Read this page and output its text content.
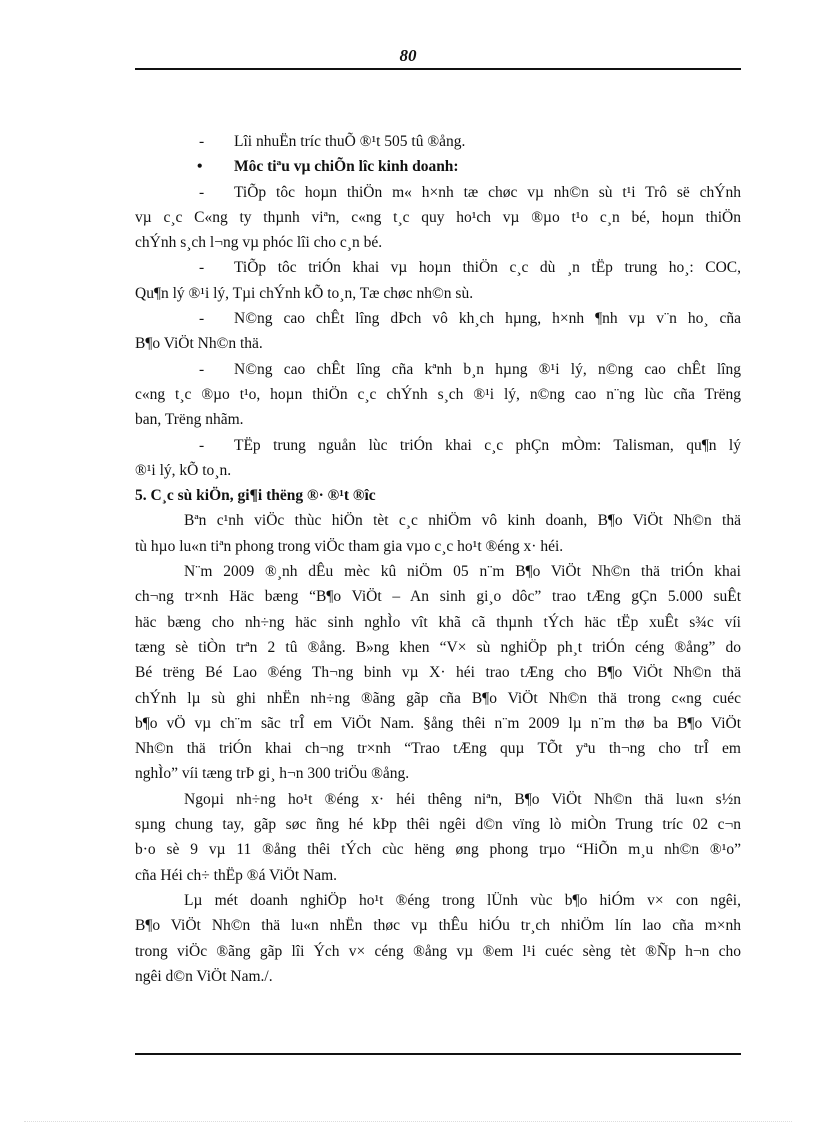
80
- Lîi nhuËn tríc thuÕ ®¹t 505 tû ®ång.
• Môc tiªu vµ chiÕn lîc kinh doanh:
-	TiÕp tôc hoµn thiÖn m« h×nh tæ chøc vµ nh©n sù t¹i Trô së chÝnh
vµ c¸c C«ng ty thµnh viªn, c«ng t¸c quy ho¹ch vµ ®µo t¹o c¸n bé, hoµn thiÖn
chÝnh s¸ch l¬ng vµ phóc lîi cho c¸n bé.
-	TiÕp tôc triÓn khai vµ hoµn thiÖn c¸c dù ¸n tËp trung ho¸: COC,
Qu¶n lý ®¹i lý, Tµi chÝnh kÕ to¸n, Tæ chøc nh©n sù.
-	N©ng cao chÊt lîng dÞch vô kh¸ch hµng, h×nh ¶nh vµ v¨n ho¸ cña
B¶o ViÖt Nh©n thä.
-	N©ng cao chÊt lîng cña kªnh b¸n hµng ®¹i lý, n©ng cao chÊt lîng
c«ng t¸c ®µo t¹o, hoµn thiÖn c¸c chÝnh s¸ch ®¹i lý, n©ng cao n¨ng lùc cña Trëng
ban, Trëng nhãm.
-	TËp trung nguån lùc triÓn khai c¸c phÇn mÒm: Talisman, qu¶n lý
®¹i lý, kÕ to¸n.
5. C¸c sù kiÖn, gi¶i thëng ®· ®¹t ®îc
Bªn c¹nh viÖc thùc hiÖn tèt c¸c nhiÖm vô kinh doanh, B¶o ViÖt Nh©n thä
tù hµo lu«n tiªn phong trong viÖc tham gia vµo c¸c ho¹t ®éng x· héi.
N¨m 2009 ®¸nh dÊu mèc kû niÖm 05 n¨m B¶o ViÖt Nh©n thä triÓn khai
ch¬ng tr×nh Häc bæng “B¶o ViÖt – An sinh gi¸o dôc” trao tÆng gÇn 5.000 suÊt
häc bæng cho nh÷ng häc sinh nghÌo vît khã cã thµnh tÝch häc tËp xuÊt s¾c víi
tæng sè tiÒn trªn 2 tû ®ång. B»ng khen “V× sù nghiÖp ph¸t triÓn céng ®ång” do
Bé trëng Bé Lao ®éng Th¬ng binh vµ X· héi trao tÆng cho B¶o ViÖt Nh©n thä
chÝnh lµ sù ghi nhËn nh÷ng ®ãng gãp cña B¶o ViÖt Nh©n thä trong c«ng cuéc
b¶o vÖ vµ ch¨m sãc trÎ em ViÖt Nam. §ång thêi n¨m 2009 lµ n¨m thø ba B¶o ViÖt
Nh©n thä triÓn khai ch¬ng tr×nh “Trao tÆng quµ TÕt yªu th¬ng cho trÎ em
nghÌo” víi tæng trÞ gi¸ h¬n 300 triÖu ®ång.
Ngoµi nh÷ng ho¹t ®éng x· héi thêng niªn, B¶o ViÖt Nh©n thä lu«n s½n
sµng chung tay, gãp søc ñng hé kÞp thêi ngêi d©n vïng lò miÒn Trung tríc 02 c¬n
b·o sè 9 vµ 11 ®ång thêi tÝch cùc hëng øng phong trµo “HiÕn m¸u nh©n ®¹o”
cña Héi ch÷ thËp ®á ViÖt Nam.
Lµ mét doanh nghiÖp ho¹t ®éng trong lÜnh vùc b¶o hiÓm v× con ngêi,
B¶o ViÖt Nh©n thä lu«n nhËn thøc vµ thÊu hiÓu tr¸ch nhiÖm lín lao cña m×nh
trong viÖc ®ãng gãp lîi Ých v× céng ®ång vµ ®em l¹i cuéc sèng tèt ®Ñp h¬n cho
ngêi d©n ViÖt Nam./.
